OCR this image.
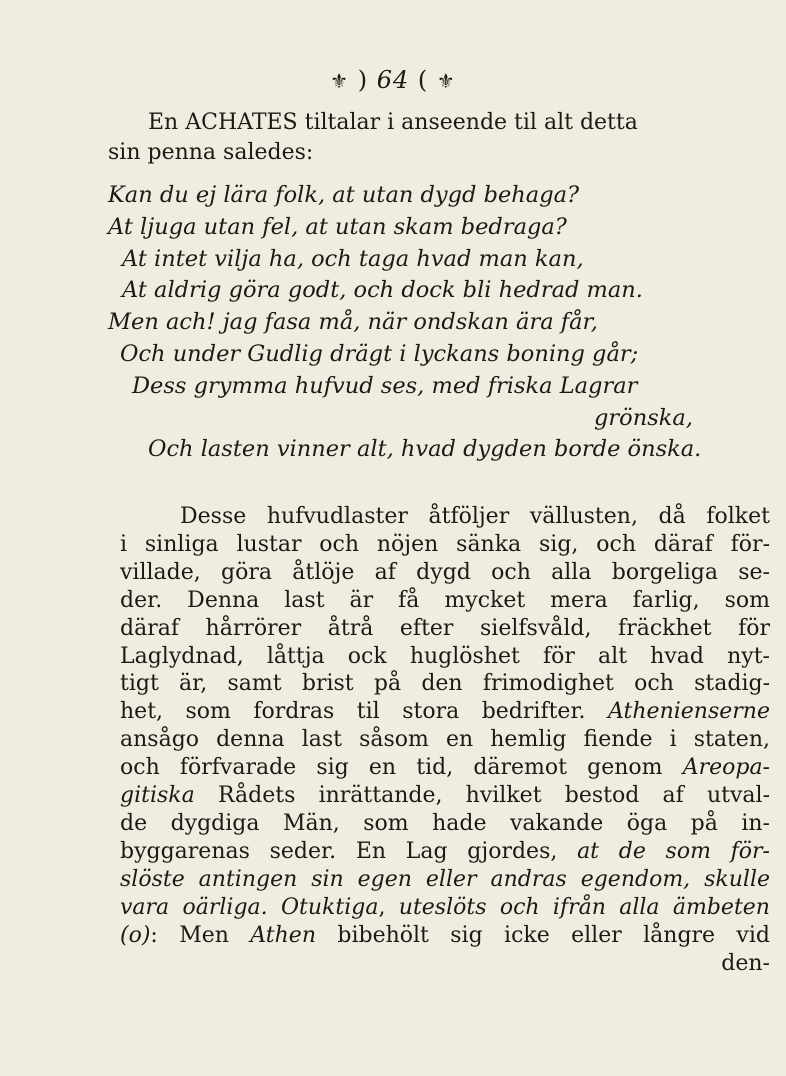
⚜ ) 64 ( ⚜
En ACHATES tiltalar i anseende til alt detta
sin penna saledes:
Kan du ej lära folk, at utan dygd behaga?
At ljuga utan fel, at utan skam bedraga?
At intet vilja ha, och taga hvad man kan,
At aldrig göra godt, och dock bli hedrad man.
Men ach! jag fasa må, när ondskan ära får,
Och under Gudlig drägt i lyckans boning går;
Dess grymma hufvud ses, med friska Lagrar
grönska,
Och lasten vinner alt, hvad dygden borde önska.
Desse hufvudlaster åtföljer vällusten, då folket
i sinliga lustar och nöjen sänka sig, och däraf för-
villade, göra åtlöje af dygd och alla borgeliga se-
der. Denna last är få mycket mera farlig, som
däraf hårrörer åtrå efter sielfsvåld, fräckhet för
Laglydnad, låttja ock huglöshet för alt hvad nyt-
tigt är, samt brist på den frimodighet och stadig-
het, som fordras til stora bedrifter. Athenienserne
ansågo denna last såsom en hemlig fiende i staten,
och förfvarade sig en tid, däremot genom Areopa-
gitiska Rådets inrättande, hvilket bestod af utval-
de dygdiga Män, som hade vakande öga på in-
byggarenas seder. En Lag gjordes, at de som för-
slöste antingen sin egen eller andras egendom, skulle
vara oärliga. Otuktiga, uteslöts och ifrån alla ämbeten
(o): Men Athen bibehölt sig icke eller långre vid
den-
